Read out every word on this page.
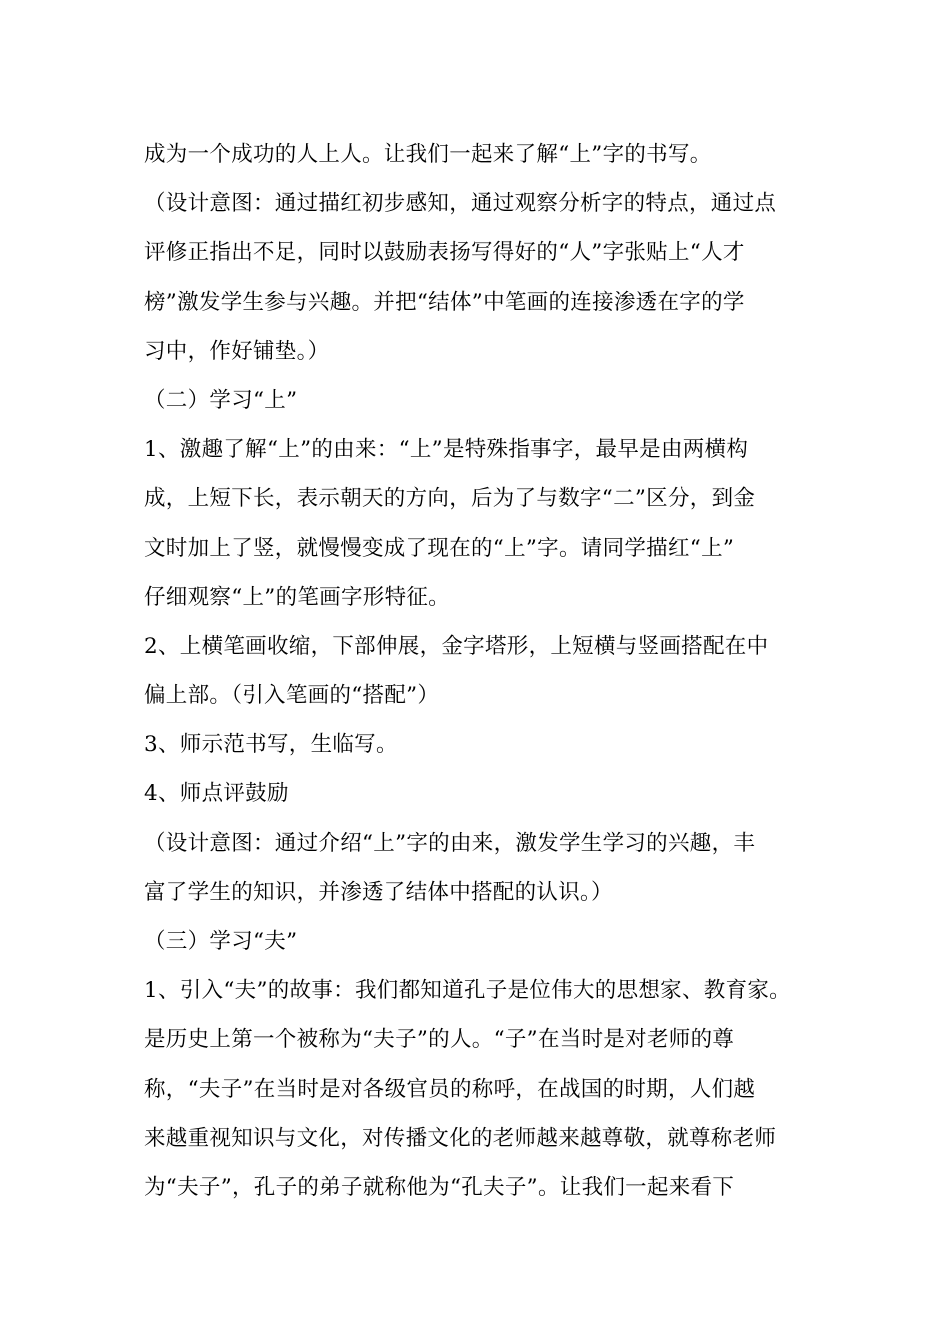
成为一个成功的人上人。让我们一起来了解“上”字的书写。
（设计意图：通过描红初步感知，通过观察分析字的特点，通过点
评修正指出不足，同时以鼓励表扬写得好的“人”字张贴上“人才
榜”激发学生参与兴趣。并把“结体”中笔画的连接渗透在字的学
习中，作好铺垫。）
（二）学习“上”
1、激趣了解“上”的由来：“上”是特殊指事字，最早是由两横构
成，上短下长，表示朝天的方向，后为了与数字“二”区分，到金
文时加上了竖，就慢慢变成了现在的“上”字。请同学描红“上”
仔细观察“上”的笔画字形特征。
2、上横笔画收缩，下部伸展，金字塔形，上短横与竖画搭配在中
偏上部。（引入笔画的“搭配”）
3、师示范书写，生临写。
4、师点评鼓励
（设计意图：通过介绍“上”字的由来，激发学生学习的兴趣，丰
富了学生的知识，并渗透了结体中搭配的认识。）
（三）学习“夫”
1、引入“夫”的故事：我们都知道孔子是位伟大的思想家、教育家。
是历史上第一个被称为“夫子”的人。“子”在当时是对老师的尊
称，“夫子”在当时是对各级官员的称呼，在战国的时期，人们越
来越重视知识与文化，对传播文化的老师越来越尊敬，就尊称老师
为“夫子”，孔子的弟子就称他为“孔夫子”。让我们一起来看下
